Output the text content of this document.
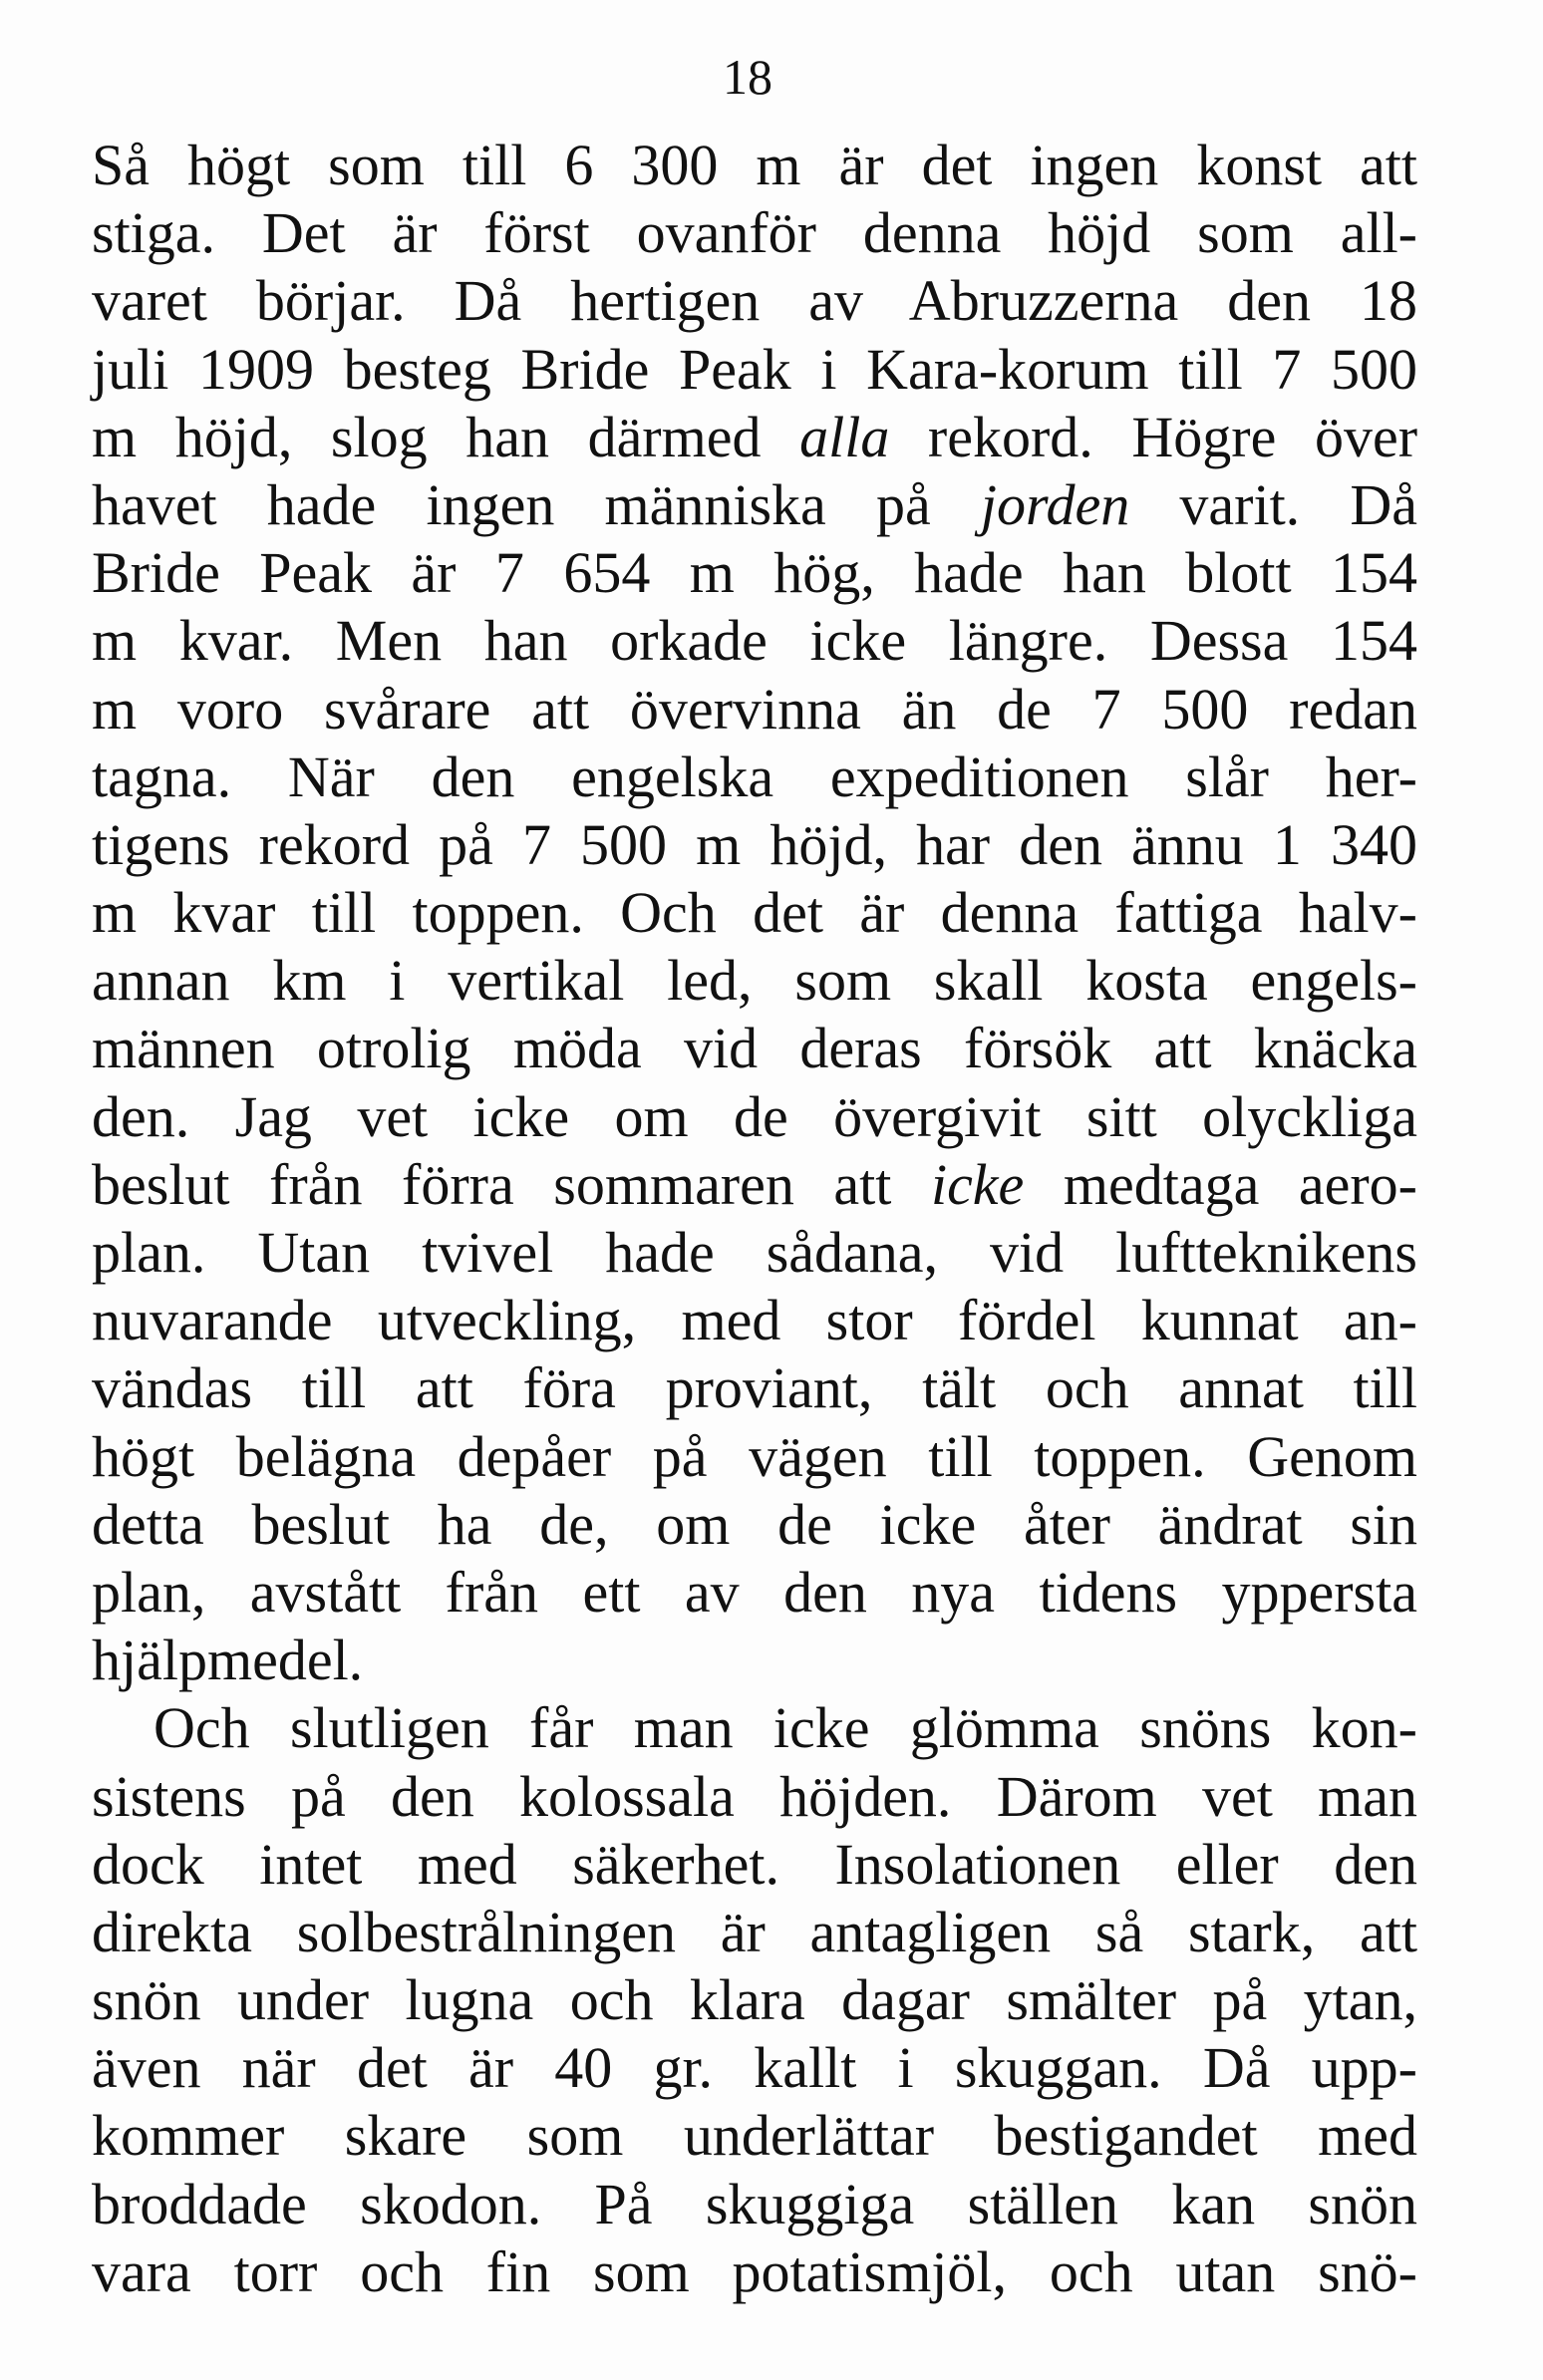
18
Så högt som till 6 300 m är det ingen konst att
stiga. Det är först ovanför denna höjd som all-
varet börjar. Då hertigen av Abruzzerna den 18
juli 1909 besteg Bride Peak i Kara-korum till 7 500
m höjd, slog han därmed alla rekord. Högre över
havet hade ingen människa på jorden varit. Då
Bride Peak är 7 654 m hög, hade han blott 154
m kvar. Men han orkade icke längre. Dessa 154
m voro svårare att övervinna än de 7 500 redan
tagna. När den engelska expeditionen slår her-
tigens rekord på 7 500 m höjd, har den ännu 1 340
m kvar till toppen. Och det är denna fattiga halv-
annan km i vertikal led, som skall kosta engels-
männen otrolig möda vid deras försök att knäcka
den. Jag vet icke om de övergivit sitt olyckliga
beslut från förra sommaren att icke medtaga aero-
plan. Utan tvivel hade sådana, vid luftteknikens
nuvarande utveckling, med stor fördel kunnat an-
vändas till att föra proviant, tält och annat till
högt belägna depåer på vägen till toppen. Genom
detta beslut ha de, om de icke åter ändrat sin
plan, avstått från ett av den nya tidens yppersta
hjälpmedel.
Och slutligen får man icke glömma snöns kon-
sistens på den kolossala höjden. Därom vet man
dock intet med säkerhet. Insolationen eller den
direkta solbestrålningen är antagligen så stark, att
snön under lugna och klara dagar smälter på ytan,
även när det är 40 gr. kallt i skuggan. Då upp-
kommer skare som underlättar bestigandet med
broddade skodon. På skuggiga ställen kan snön
vara torr och fin som potatismjöl, och utan snö-
